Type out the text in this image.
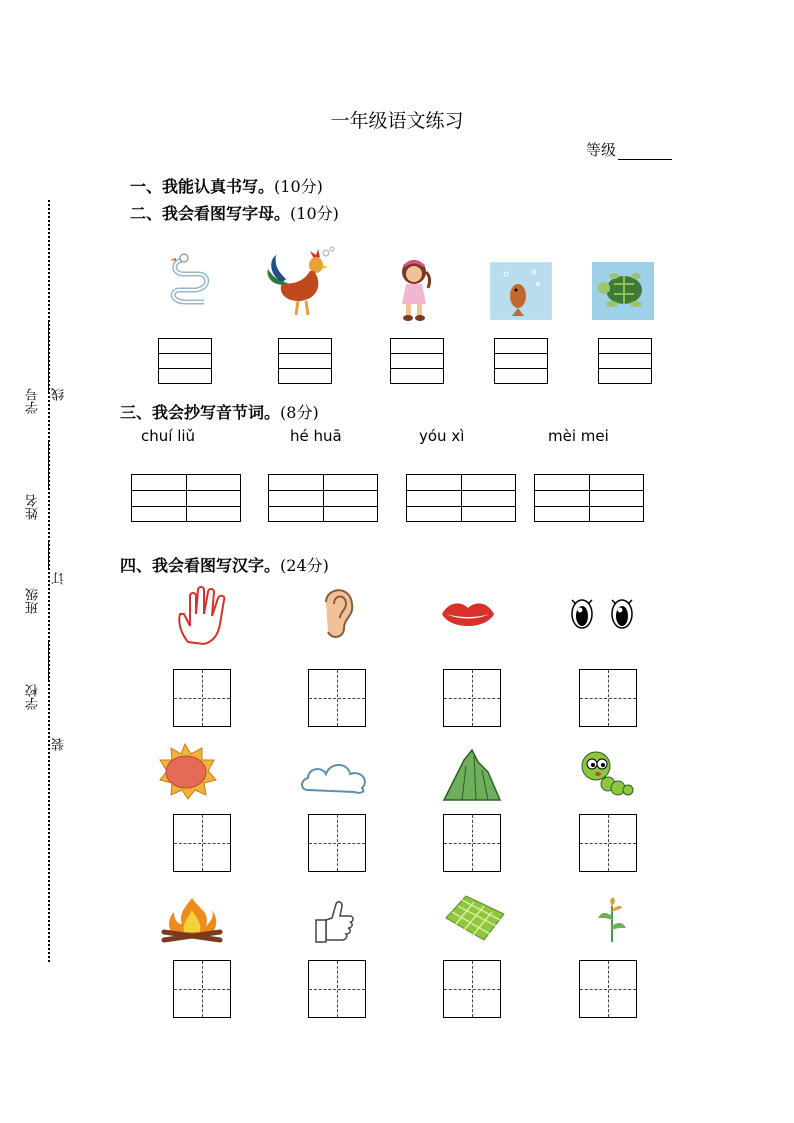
一年级语文练习
等级
一、我能认真书写。(10分)
二、我会看图写字母。(10分)
三、我会抄写音节词。(8分)
chuí liǔ	hé huā	yóu xì	mèi mei
四、我会看图写汉字。(24分)
学号 线
姓名
订
班级
学校
装
